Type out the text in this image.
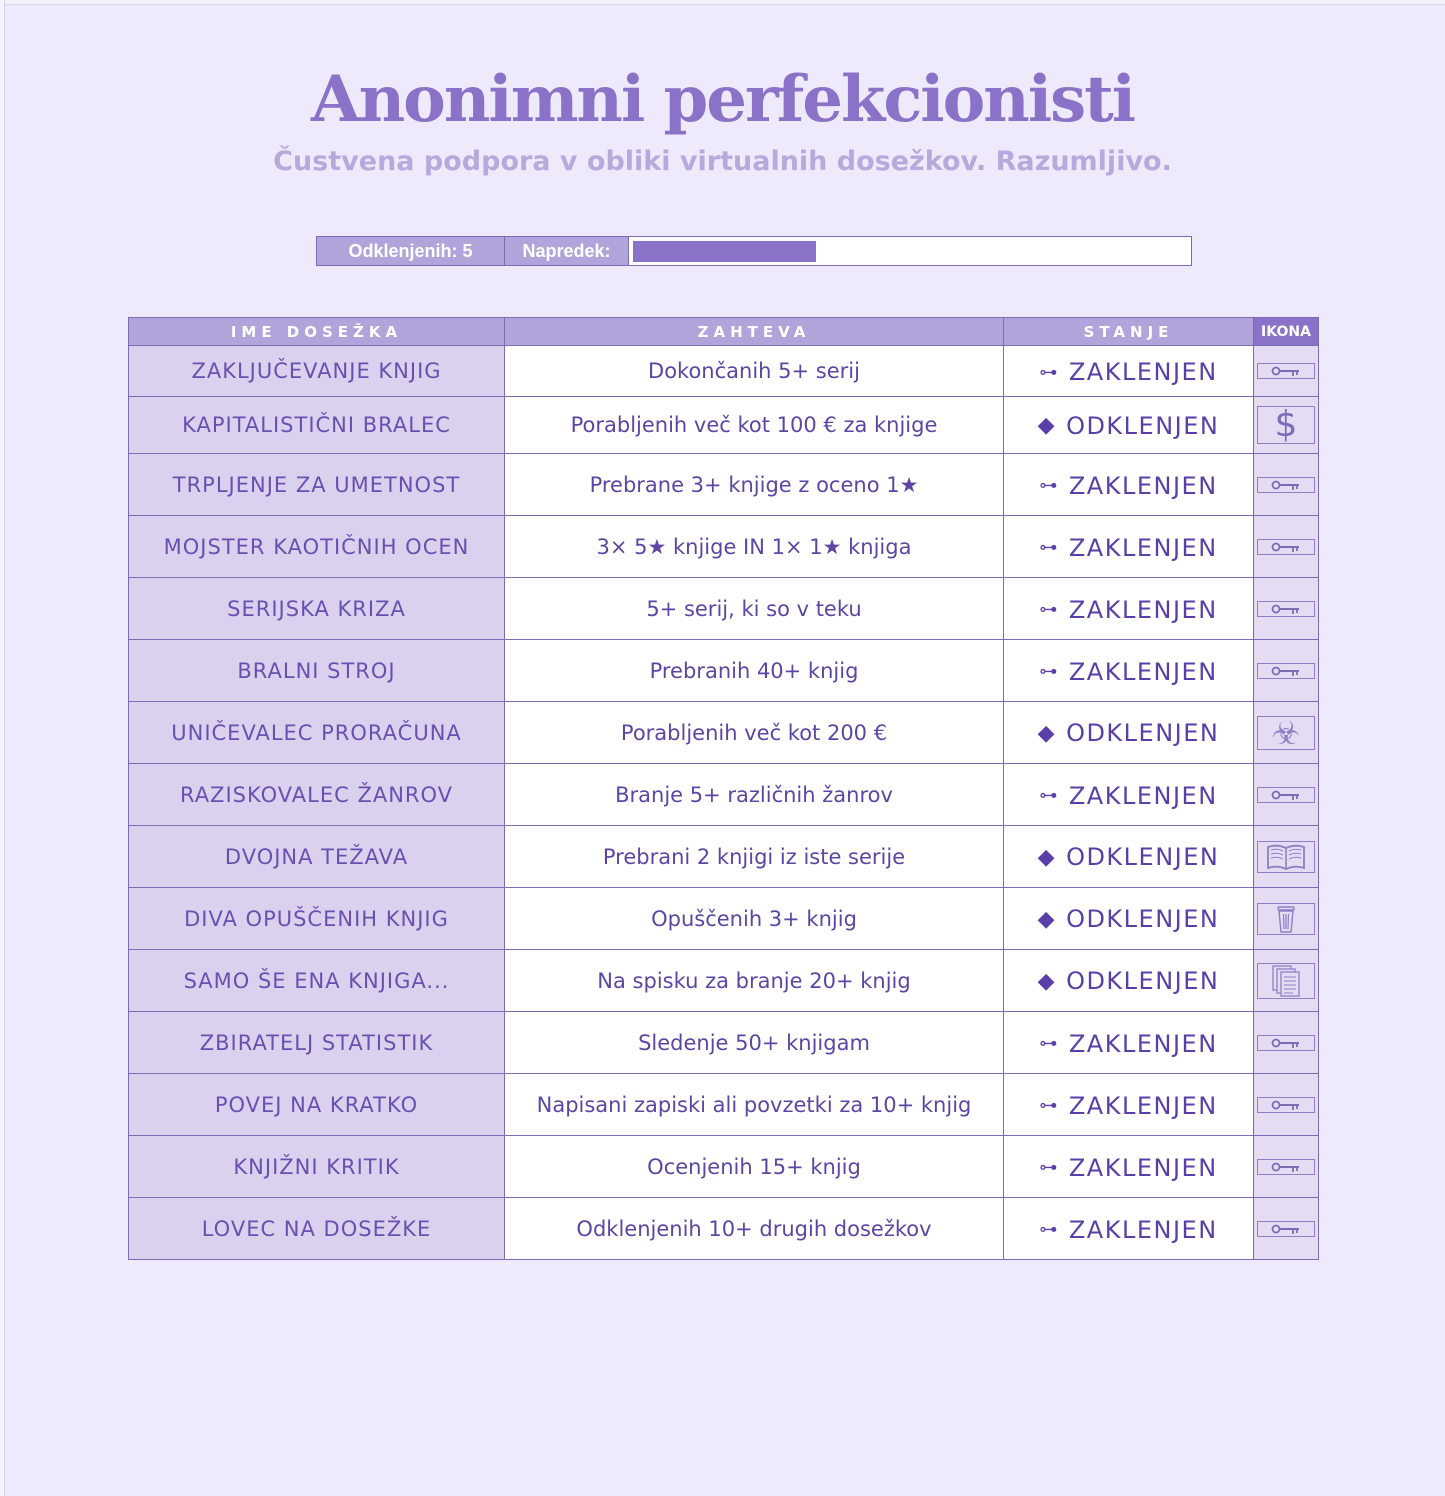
Anonimni perfekcionisti

Čustvena podpora v obliki virtualnih dosežkov. Razumljivo.

Odklenjenih: 5	Napredek:
IME DOSEŽKA	ZAHTEVA	STANJE	IKONA
ZAKLJUČEVANJE KNJIG	Dokončanih 5+ serij	⊶ ZAKLENJEN

KAPITALISTIČNI BRALEC	Porabljenih več kot 100 € za knjige	◆ ODKLENJEN	$

TRPLJENJE ZA UMETNOST	Prebrane 3+ knjige z oceno 1★	⊶ ZAKLENJEN

MOJSTER KAOTIČNIH OCEN	3× 5★ knjige IN 1× 1★ knjiga	⊶ ZAKLENJEN

SERIJSKA KRIZA	5+ serij, ki so v teku	⊶ ZAKLENJEN

BRALNI STROJ	Prebranih 40+ knjig	⊶ ZAKLENJEN

UNIČEVALEC PRORAČUNA	Porabljenih več kot 200 €	◆ ODKLENJEN	☣

RAZISKOVALEC ŽANROV	Branje 5+ različnih žanrov	⊶ ZAKLENJEN

DVOJNA TEŽAVA	Prebrani 2 knjigi iz iste serije	◆ ODKLENJEN

DIVA OPUŠČENIH KNJIG	Opuščenih 3+ knjig	◆ ODKLENJEN

SAMO ŠE ENA KNJIGA...	Na spisku za branje 20+ knjig	◆ ODKLENJEN

ZBIRATELJ STATISTIK	Sledenje 50+ knjigam	⊶ ZAKLENJEN

POVEJ NA KRATKO	Napisani zapiski ali povzetki za 10+ knjig	⊶ ZAKLENJEN

KNJIŽNI KRITIK	Ocenjenih 15+ knjig	⊶ ZAKLENJEN

LOVEC NA DOSEŽKE	Odklenjenih 10+ drugih dosežkov	⊶ ZAKLENJEN
